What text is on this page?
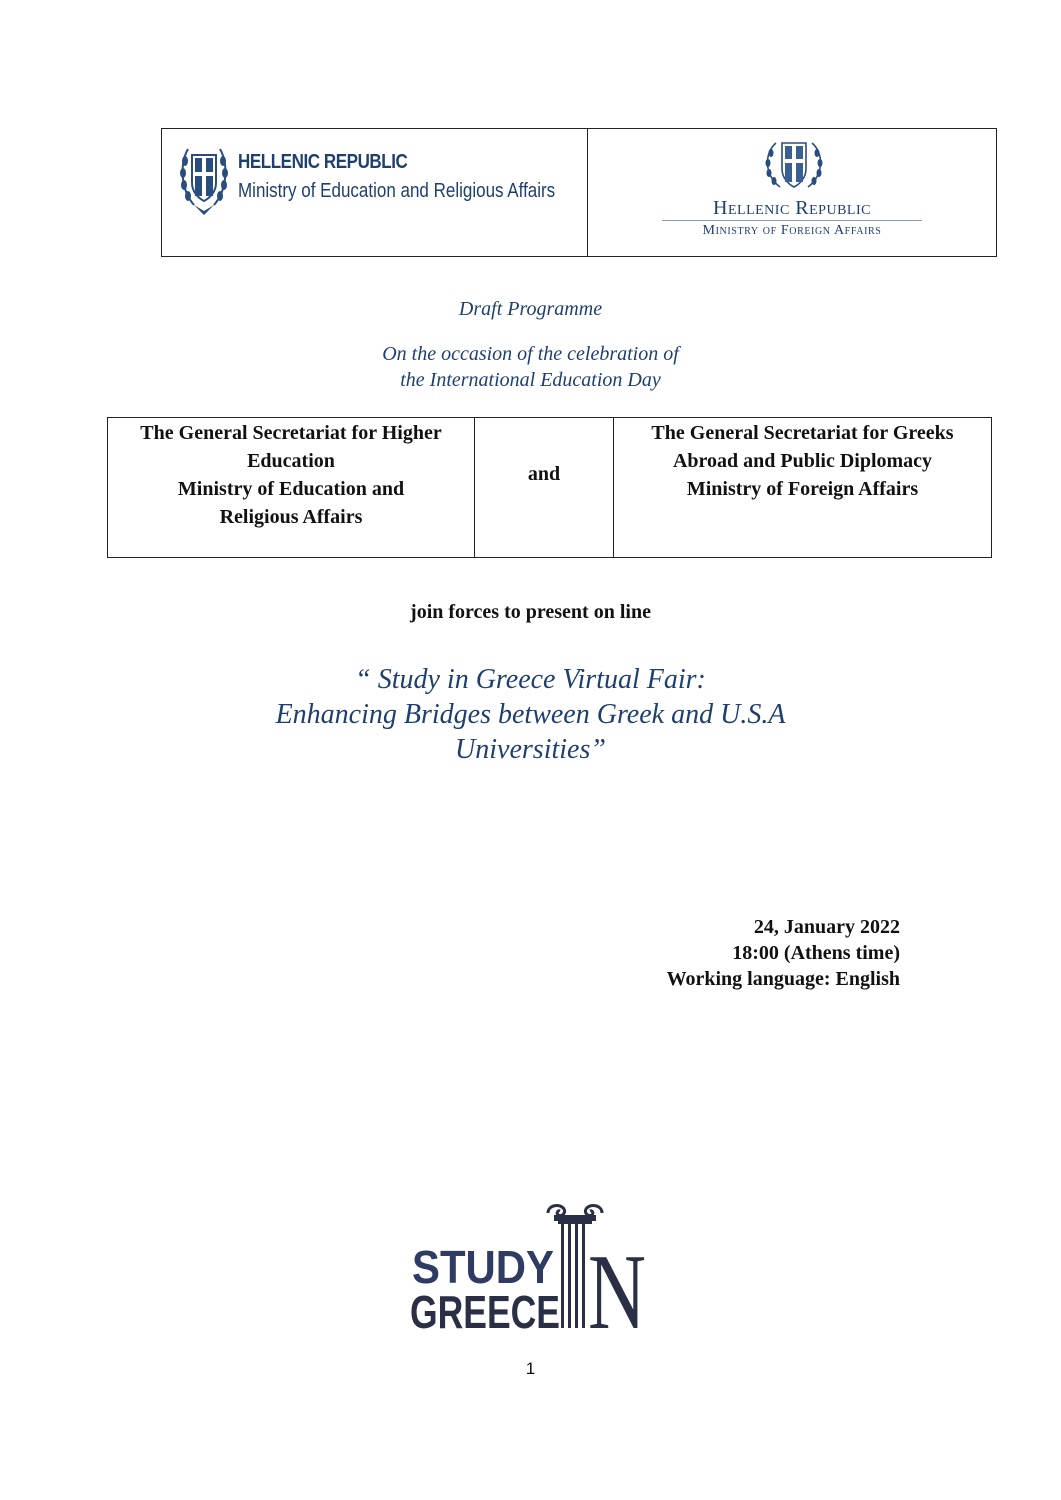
HELLENIC REPUBLIC
Ministry of Education and Religious Affairs
Hellenic Republic
Ministry of Foreign Affairs
Draft Programme
On the occasion of the celebration of
the International Education Day
The General Secretariat for Higher
Education
Ministry of Education and
Religious Affairs
and
The General Secretariat for Greeks
Abroad and Public Diplomacy
Ministry of Foreign Affairs
join forces to present on line
“ Study in Greece Virtual Fair:
Enhancing Bridges between Greek and U.S.A
Universities”
24, January 2022
18:00 (Athens time)
Working language: English
STUDY
GREECE N
1
